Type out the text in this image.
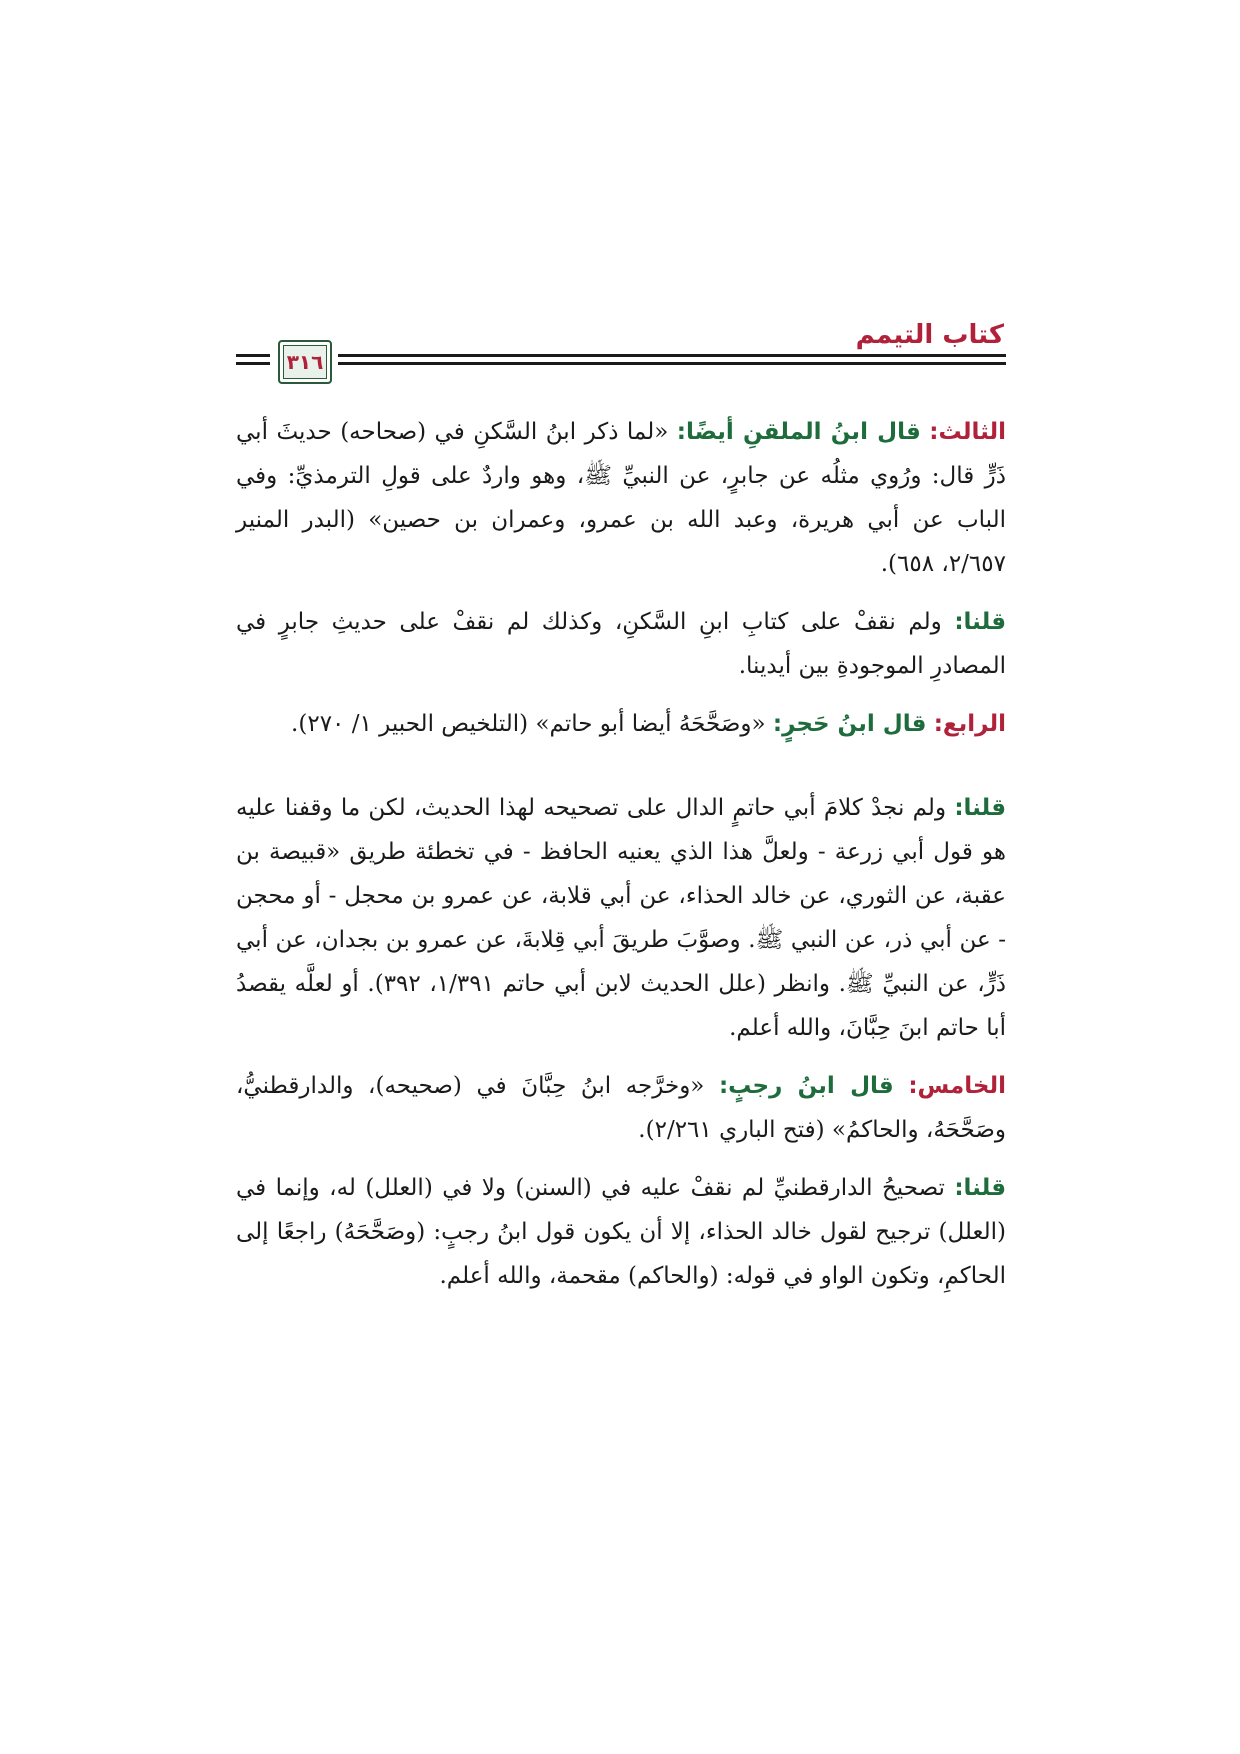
كتاب التيمم
٣١٦

الثالث: قال ابنُ الملقنِ أيضًا: «لما ذكر ابنُ السَّكنِ في (صحاحه) حديثَ أبي ذَرٍّ قال: ورُوي مثلُه عن جابرٍ، عن النبيِّ ﷺ، وهو واردٌ على قولِ الترمذيِّ: وفي الباب عن أبي هريرة، وعبد الله بن عمرو، وعمران بن حصين» (البدر المنير ٢/٦٥٧، ٦٥٨).

قلنا: ولم نقفْ على كتابِ ابنِ السَّكنِ، وكذلك لم نقفْ على حديثِ جابرٍ في المصادرِ الموجودةِ بين أيدينا.

الرابع: قال ابنُ حَجرٍ: «وصَحَّحَهُ أيضا أبو حاتم» (التلخيص الحبير ١/ ٢٧٠).

قلنا: ولم نجدْ كلامَ أبي حاتمٍ الدال على تصحيحه لهذا الحديث، لكن ما وقفنا عليه هو قول أبي زرعة - ولعلَّ هذا الذي يعنيه الحافظ - في تخطئة طريق «قبيصة بن عقبة، عن الثوري، عن خالد الحذاء، عن أبي قلابة، عن عمرو بن محجل - أو محجن - عن أبي ذر، عن النبي ﷺ. وصوَّبَ طريقَ أبي قِلابةَ، عن عمرو بن بجدان، عن أبي ذَرٍّ، عن النبيِّ ﷺ. وانظر (علل الحديث لابن أبي حاتم ١/٣٩١، ٣٩٢). أو لعلَّه يقصدُ أبا حاتم ابنَ حِبَّانَ، والله أعلم.

الخامس: قال ابنُ رجبٍ: «وخرَّجه ابنُ حِبَّانَ في (صحيحه)، والدارقطنيُّ، وصَحَّحَهُ، والحاكمُ» (فتح الباري ٢/٢٦١).

قلنا: تصحيحُ الدارقطنيِّ لم نقفْ عليه في (السنن) ولا في (العلل) له، وإنما في (العلل) ترجيح لقول خالد الحذاء، إلا أن يكون قول ابنُ رجبٍ: (وصَحَّحَهُ) راجعًا إلى الحاكمِ، وتكون الواو في قوله: (والحاكم) مقحمة، والله أعلم.
